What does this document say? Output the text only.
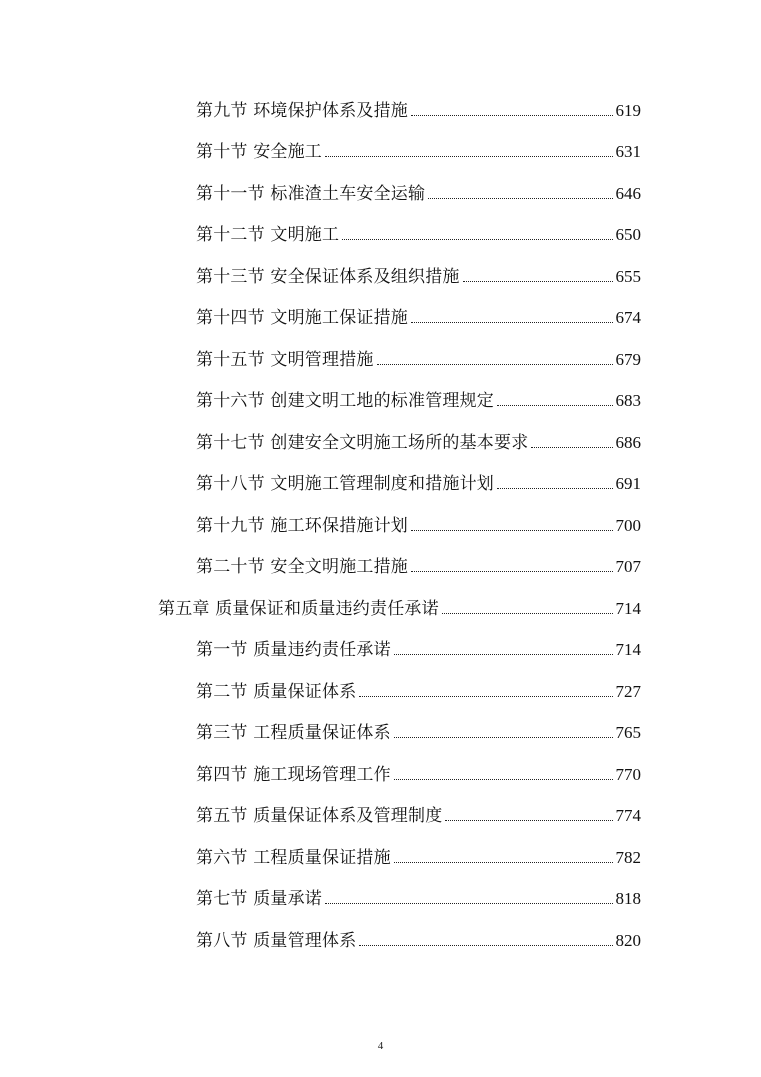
第九节 环境保护体系及措施	619
第十节 安全施工	631
第十一节 标准渣土车安全运输	646
第十二节 文明施工	650
第十三节 安全保证体系及组织措施	655
第十四节 文明施工保证措施	674
第十五节 文明管理措施	679
第十六节 创建文明工地的标准管理规定	683
第十七节 创建安全文明施工场所的基本要求	686
第十八节 文明施工管理制度和措施计划	691
第十九节 施工环保措施计划	700
第二十节 安全文明施工措施	707
第五章 质量保证和质量违约责任承诺	714
第一节 质量违约责任承诺	714
第二节 质量保证体系	727
第三节 工程质量保证体系	765
第四节 施工现场管理工作	770
第五节 质量保证体系及管理制度	774
第六节 工程质量保证措施	782
第七节 质量承诺	818
第八节 质量管理体系	820
4
